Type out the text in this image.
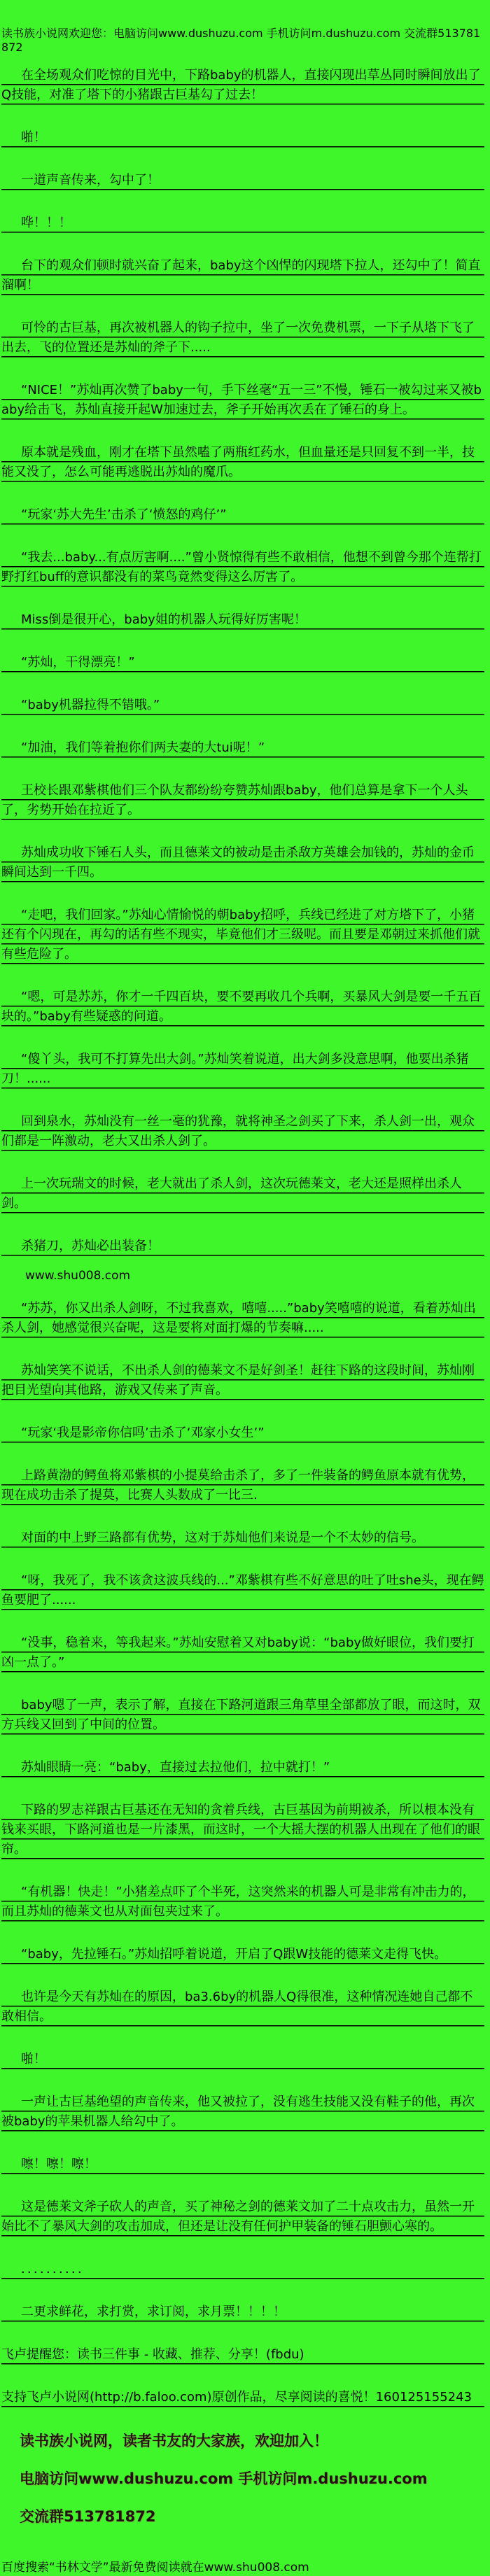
读书族小说网欢迎您：电脑访问www.dushuzu.com 手机访问m.dushuzu.com 交流群513781872
在全场观众们吃惊的目光中，下路baby的机器人，直接闪现出草丛同时瞬间放出了Q技能，对准了塔下的小猪跟古巨基勾了过去！
啪！
一道声音传来，勾中了！
哗！！！
台下的观众们顿时就兴奋了起来，baby这个凶悍的闪现塔下拉人，还勾中了！简直溜啊！
可怜的古巨基，再次被机器人的钩子拉中，坐了一次免费机票，一下子从塔下飞了出去，飞的位置还是苏灿的斧子下.....
“NICE！”苏灿再次赞了baby一句，手下丝毫“五一三”不慢，锤石一被勾过来又被baby给击飞，苏灿直接开起W加速过去，斧子开始再次丢在了锤石的身上。
原本就是残血，刚才在塔下虽然嗑了两瓶红药水，但血量还是只回复不到一半，技能又没了，怎么可能再逃脱出苏灿的魔爪。
“玩家‘苏大先生’击杀了‘愤怒的鸡仔’”
“我去...baby...有点厉害啊....”曾小贤惊得有些不敢相信，他想不到曾今那个连帮打野打红buff的意识都没有的菜鸟竟然变得这么厉害了。
Miss倒是很开心，baby姐的机器人玩得好厉害呢！
“苏灿，干得漂亮！”
“baby机器拉得不错哦。”
“加油，我们等着抱你们两夫妻的大tui呢！”
王校长跟邓紫棋他们三个队友都纷纷夸赞苏灿跟baby，他们总算是拿下一个人头了，劣势开始在拉近了。
苏灿成功收下锤石人头，而且德莱文的被动是击杀敌方英雄会加钱的，苏灿的金币瞬间达到一千四。
“走吧，我们回家。”苏灿心情愉悦的朝baby招呼，兵线已经进了对方塔下了，小猪还有个闪现在，再勾的话有些不现实，毕竟他们才三级呢。而且要是邓朝过来抓他们就有些危险了。
“嗯，可是苏苏，你才一千四百块，要不要再收几个兵啊，买暴风大剑是要一千五百块的。”baby有些疑惑的问道。
“傻丫头，我可不打算先出大剑。”苏灿笑着说道，出大剑多没意思啊，他要出杀猪刀！......
回到泉水，苏灿没有一丝一毫的犹豫，就将神圣之剑买了下来，杀人剑一出，观众们都是一阵激动，老大又出杀人剑了。
上一次玩瑞文的时候，老大就出了杀人剑，这次玩德莱文，老大还是照样出杀人剑。
杀猪刀，苏灿必出装备！
www.shu008.com
“苏苏，你又出杀人剑呀，不过我喜欢，嘻嘻.....”baby笑嘻嘻的说道，看着苏灿出杀人剑，她感觉很兴奋呢，这是要将对面打爆的节奏嘛.....
苏灿笑笑不说话，不出杀人剑的德莱文不是好剑圣！赶往下路的这段时间，苏灿刚把目光望向其他路，游戏又传来了声音。
“玩家‘我是影帝你信吗’击杀了‘邓家小女生’”
上路黄渤的鳄鱼将邓紫棋的小提莫给击杀了，多了一件装备的鳄鱼原本就有优势，现在成功击杀了提莫，比赛人头数成了一比三.
对面的中上野三路都有优势，这对于苏灿他们来说是一个不太妙的信号。
“呀，我死了，我不该贪这波兵线的...”邓紫棋有些不好意思的吐了吐she头，现在鳄鱼要肥了......
“没事，稳着来，等我起来。”苏灿安慰着又对baby说：“baby做好眼位，我们要打凶一点了。”
baby嗯了一声，表示了解，直接在下路河道跟三角草里全部都放了眼，而这时，双方兵线又回到了中间的位置。
苏灿眼睛一亮：“baby，直接过去拉他们，拉中就打！”
下路的罗志祥跟古巨基还在无知的贪着兵线，古巨基因为前期被杀，所以根本没有钱来买眼，下路河道也是一片漆黑，而这时，一个大摇大摆的机器人出现在了他们的眼帘。
“有机器！快走！”小猪差点吓了个半死，这突然来的机器人可是非常有冲击力的，而且苏灿的德莱文也从对面包夹过来了。
“baby，先拉锤石。”苏灿招呼着说道，开启了Q跟W技能的德莱文走得飞快。
也许是今天有苏灿在的原因，ba3.6by的机器人Q得很准，这种情况连她自己都不敢相信。
啪！
一声让古巨基绝望的声音传来，他又被拉了，没有逃生技能又没有鞋子的他，再次被baby的苹果机器人给勾中了。
嚓！嚓！嚓！
这是德莱文斧子砍人的声音，买了神秘之剑的德莱文加了二十点攻击力，虽然一开始比不了暴风大剑的攻击加成，但还是让没有任何护甲装备的锤石胆颤心寒的。
．．．．．．．．．．
二更求鲜花，求打赏，求订阅，求月票！！！！
飞卢提醒您：读书三件事 - 收藏、推荐、分享！(fbdu)
支持飞卢小说网(http://b.faloo.com)原创作品，尽享阅读的喜悦！160125155243
读书族小说网，读者书友的大家族，欢迎加入！
电脑访问www.dushuzu.com 手机访问m.dushuzu.com
交流群513781872
百度搜索“书林文学”最新免费阅读就在www.shu008.com
